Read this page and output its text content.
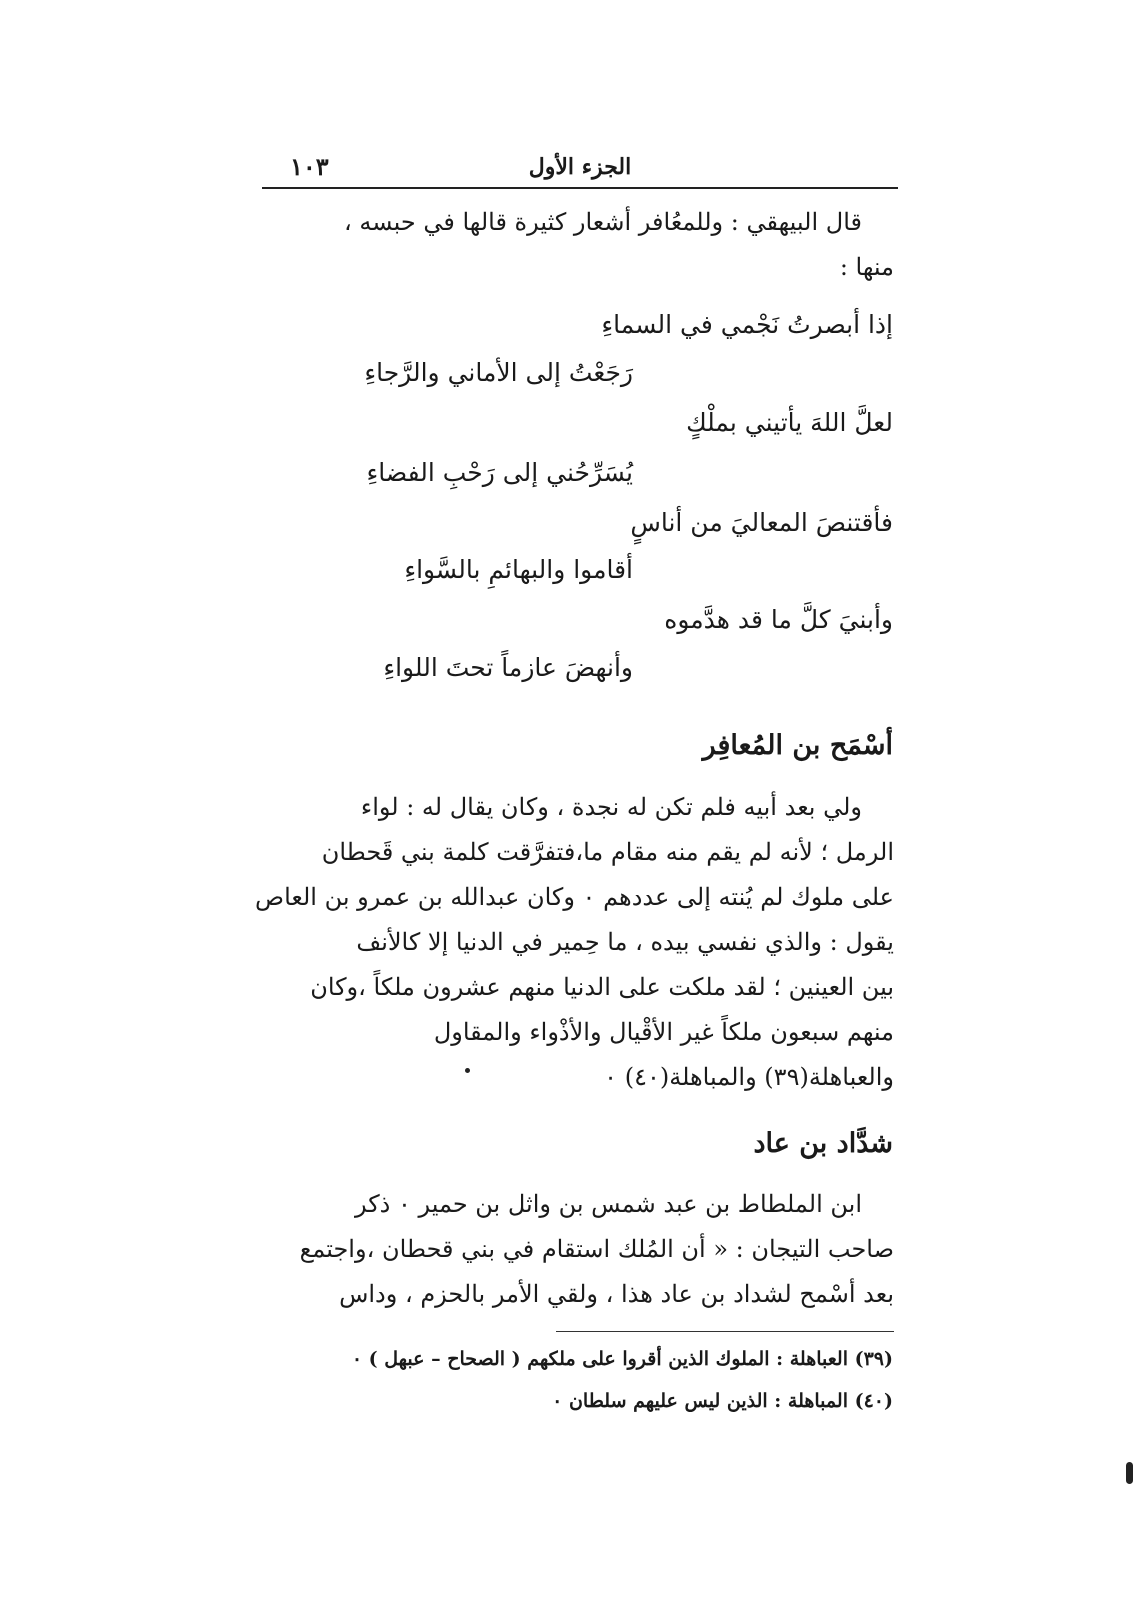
الجزء الأول
١٠٣
قال البيهقي : وللمعُافر أشعار كثيرة قالها في حبسه ،
منها :
إذا أبصرتُ نَجْمي في السماءِ
رَجَعْتُ إلى الأماني والرَّجاءِ
لعلَّ اللهَ يأتيني بملْكٍ
يُسَرِّحُني إلى رَحْبِ الفضاءِ
فأقتنصَ المعاليَ من أناسٍ
أقاموا والبهائمِ بالسَّواءِ
وأبنيَ كلَّ ما قد هدَّموه
وأنهضَ عازماً تحتَ اللواءِ
أسْمَح بن المُعافِر
ولي بعد أبيه فلم تكن له نجدة ، وكان يقال له : لواء
الرمل ؛ لأنه لم يقم منه مقام ما،فتفرَّقت كلمة بني قَحطان
على ملوك لم يُنته إلى عددهم ٠ وكان عبدالله بن عمرو بن العاص
يقول : والذي نفسي بيده ، ما حِمير في الدنيا إلا كالأنف
بين العينين ؛ لقد ملكت على الدنيا منهم عشرون ملكاً ،وكان
منهم سبعون ملكاً غير الأقْيال والأذْواء والمقاول
والعباهلة(٣٩) والمباهلة(٤٠) ٠
شدَّاد بن عاد
ابن الملطاط بن عبد شمس بن واثل بن حمير ٠ ذكر
صاحب التيجان : « أن المُلك استقام في بني قحطان ،واجتمع
بعد أسْمح لشداد بن عاد هذا ، ولقي الأمر بالحزم ، وداس
(٣٩) العباهلة : الملوك الذين أقروا على ملكهم ( الصحاح – عبهل ) ٠
(٤٠) المباهلة : الذين ليس عليهم سلطان ٠
